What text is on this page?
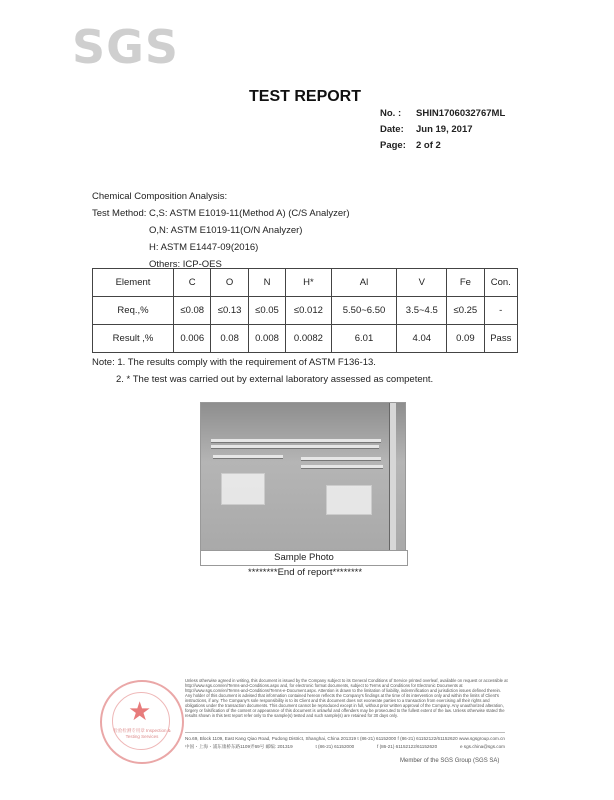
SGS
TEST REPORT
No. :	SHIN1706032767ML
Date:	Jun 19, 2017
Page:	2 of 2
Chemical Composition Analysis:
Test Method: C,S: ASTM E1019-11(Method A) (C/S Analyzer)
O,N: ASTM E1019-11(O/N Analyzer)
H: ASTM E1447-09(2016)
Others: ICP-OES
Element	C	O	N	H*	Al	V	Fe	Con.
Req.,%	≤0.08	≤0.13	≤0.05	≤0.012	5.50~6.50	3.5~4.5	≤0.25	-
Result ,%	0.006	0.08	0.008	0.0082	6.01	4.04	0.09	Pass
Note: 1. The results comply with the requirement of ASTM F136-13.
2. * The test was carried out by external laboratory assessed as competent.
Sample Photo
********End of report********
★
检验检测专用章 Inspection & Testing Services
Unless otherwise agreed in writing, this document is issued by the Company subject to its General Conditions of Service printed overleaf, available on request or accessible at http://www.sgs.com/en/Terms-and-Conditions.aspx and, for electronic format documents, subject to Terms and Conditions for Electronic Documents at http://www.sgs.com/en/Terms-and-Conditions/Terms-e-Document.aspx. Attention is drawn to the limitation of liability, indemnification and jurisdiction issues defined therein. Any holder of this document is advised that information contained hereon reflects the Company's findings at the time of its intervention only and within the limits of Client's instructions, if any. The Company's sole responsibility is to its Client and this document does not exonerate parties to a transaction from exercising all their rights and obligations under the transaction documents. This document cannot be reproduced except in full, without prior written approval of the Company. Any unauthorized alteration, forgery or falsification of the content or appearance of this document is unlawful and offenders may be prosecuted to the fullest extent of the law. Unless otherwise stated the results shown in this test report refer only to the sample(s) tested and such sample(s) are retained for 30 days only.
No.69, Block 1109, East Kang Qiao Road, Pudong District, Shanghai, China 201319 t (86-21) 61152000 f (86-21) 61152122/61152620 www.sgsgroup.com.cn
中国・上海・浦东康桥东路1109弄69号 邮编: 201319	t (86-21) 61152000	f (86-21) 61152122/61152620	e sgs.china@sgs.com
Member of the SGS Group (SGS SA)
